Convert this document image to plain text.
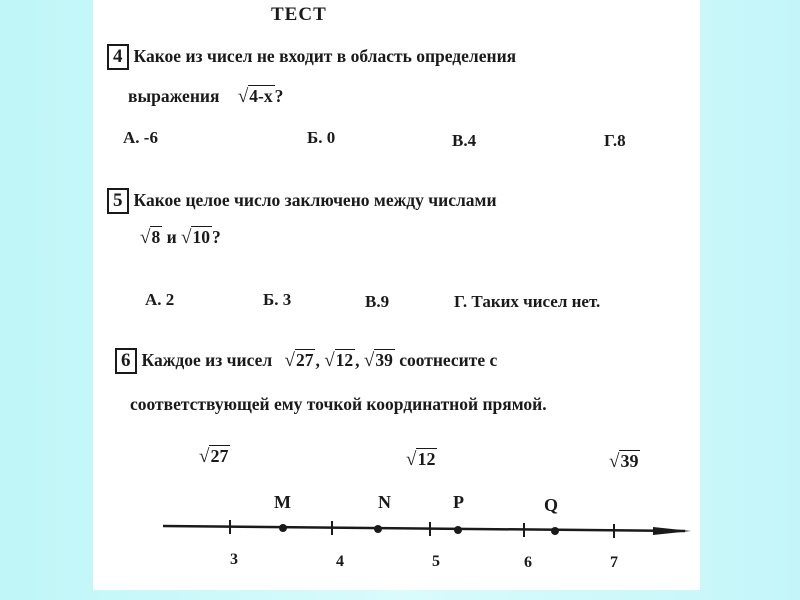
ТЕСТ
4 Какое из чисел не входит в область определения
выражения √4-x ?
А. -6	Б. 0	В.4	Г.8
5 Какое целое число заключено между числами
√8 и √10 ?
А. 2	Б. 3	В.9	Г. Таких чисел нет.
6 Каждое из чисел √27 , √12 , √39 соотнесите с
соответствующей ему точкой координатной прямой.
√27	√12	√39
M	N	P	Q
3	4	5	6	7
